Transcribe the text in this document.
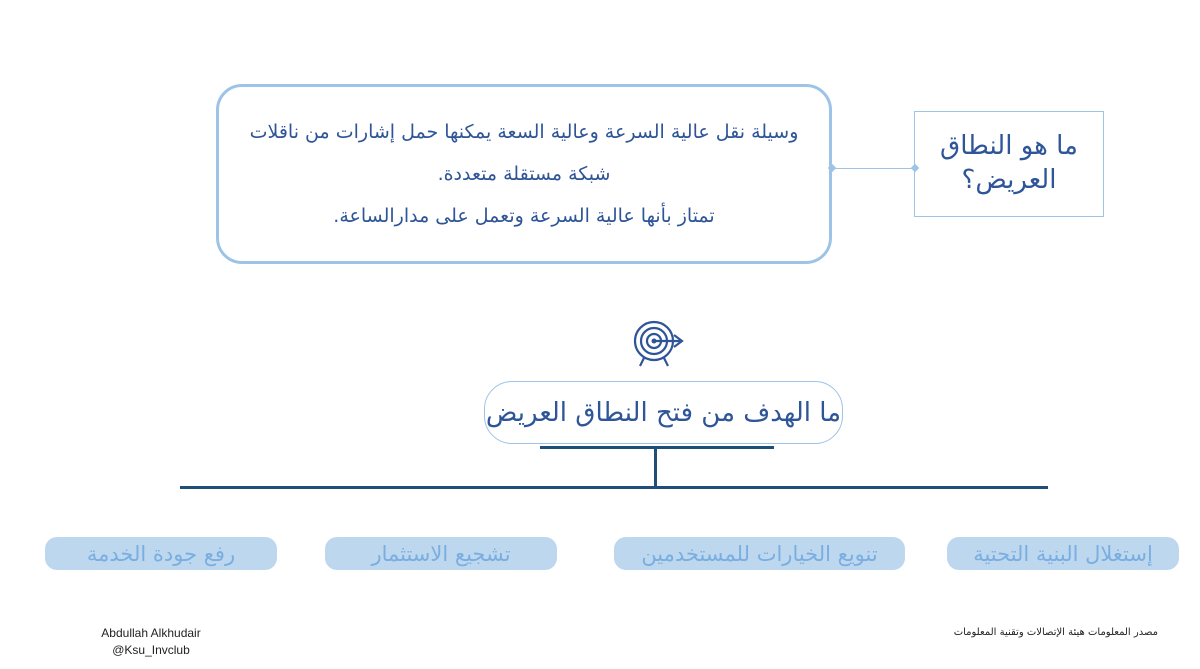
ما هو النطاق
العريض؟

وسيلة نقل عالية السرعة وعالية السعة يمكنها حمل إشارات من ناقلات شبكة مستقلة متعددة.

تمتاز بأنها عالية السرعة وتعمل على مدارالساعة.

ما الهدف من فتح النطاق العريض
إستغلال البنية التحتية
تنويع الخيارات للمستخدمين
تشجيع الاستثمار
رفع جودة الخدمة
Abdullah Alkhudair
@Ksu_Invclub
مصدر المعلومات هيئة الإتصالات وتقنية المعلومات
